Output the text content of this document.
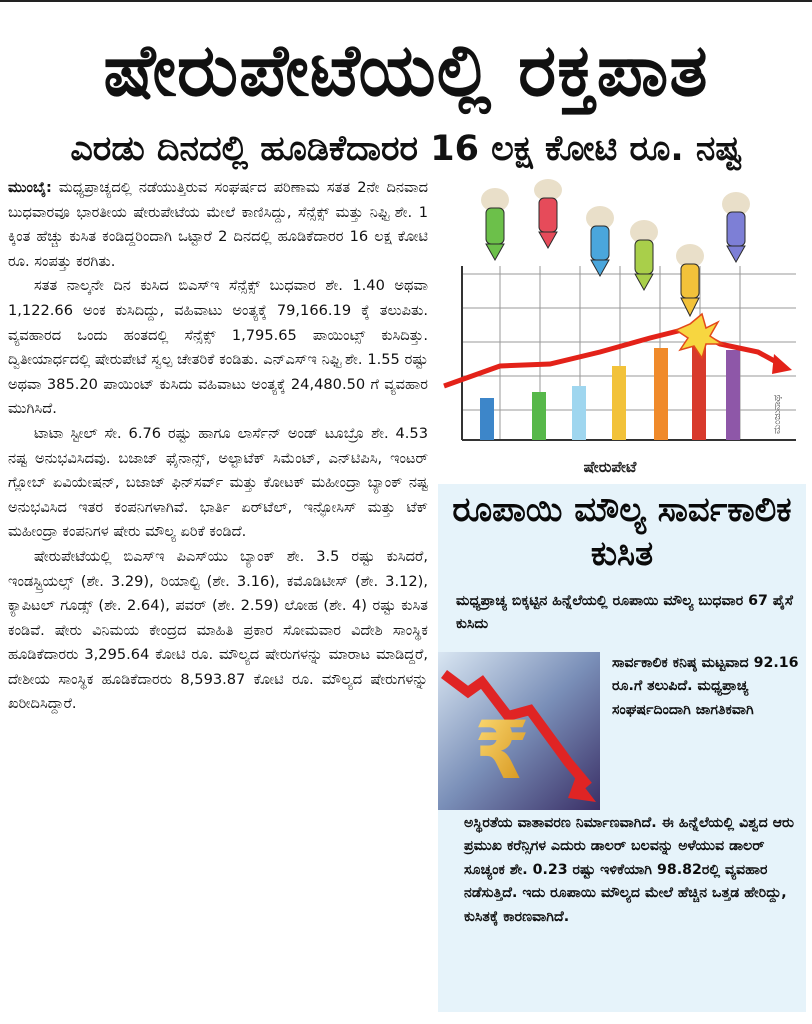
ಷೇರುಪೇಟೆಯಲ್ಲಿ ರಕ್ತಪಾತ
ಎರಡು ದಿನದಲ್ಲಿ ಹೂಡಿಕೆದಾರರ 16 ಲಕ್ಷ ಕೋಟಿ ರೂ. ನಷ್ಟ

ಮುಂಬೈ: ಮಧ್ಯಪ್ರಾಚ್ಯದಲ್ಲಿ ನಡೆಯುತ್ತಿರುವ ಸಂಘರ್ಷದ ಪರಿಣಾಮ ಸತತ 2ನೇ ದಿನವಾದ ಬುಧವಾರವೂ ಭಾರತೀಯ ಷೇರುಪೇಟೆಯ ಮೇಲೆ ಕಾಣಿಸಿದ್ದು, ಸೆನ್ಸೆಕ್ಸ್ ಮತ್ತು ನಿಫ್ಟಿ ಶೇ. 1 ಕ್ಕಿಂತ ಹೆಚ್ಚು ಕುಸಿತ ಕಂಡಿದ್ದರಿಂದಾಗಿ ಒಟ್ಟಾರೆ 2 ದಿನದಲ್ಲಿ ಹೂಡಿಕೆದಾರರ 16 ಲಕ್ಷ ಕೋಟಿ ರೂ. ಸಂಪತ್ತು ಕರಗಿತು.

ಸತತ ನಾಲ್ಕನೇ ದಿನ ಕುಸಿದ ಬಿಎಸ್‌ಇ ಸೆನ್ಸೆಕ್ಸ್ ಬುಧವಾರ ಶೇ. 1.40 ಅಥವಾ 1,122.66 ಅಂಕ ಕುಸಿದಿದ್ದು, ವಹಿವಾಟು ಅಂತ್ಯಕ್ಕೆ 79,166.19 ಕ್ಕೆ ತಲುಪಿತು. ವ್ಯವಹಾರದ ಒಂದು ಹಂತದಲ್ಲಿ ಸೆನ್ಸೆಕ್ಸ್ 1,795.65 ಪಾಯಿಂಟ್ಸ್ ಕುಸಿದಿತ್ತು. ದ್ವಿತೀಯಾರ್ಧದಲ್ಲಿ ಷೇರುಪೇಟೆ ಸ್ವಲ್ಪ ಚೇತರಿಕೆ ಕಂಡಿತು. ಎನ್‌ಎಸ್‌ಇ ನಿಫ್ಟಿ ಶೇ. 1.55 ರಷ್ಟು ಅಥವಾ 385.20 ಪಾಯಿಂಟ್ ಕುಸಿದು ವಹಿವಾಟು ಅಂತ್ಯಕ್ಕೆ 24,480.50 ಗೆ ವ್ಯವಹಾರ ಮುಗಿಸಿದೆ.

ಟಾಟಾ ಸ್ಟೀಲ್ ಸೇ. 6.76 ರಷ್ಟು ಹಾಗೂ ಲಾರ್ಸೆನ್ ಅಂಡ್ ಟೂಬ್ರೊ ಶೇ. 4.53 ನಷ್ಟ ಅನುಭವಿಸಿದವು. ಬಜಾಜ್ ಫೈನಾನ್ಸ್, ಅಲ್ಟಾಟೆಕ್ ಸಿಮೆಂಟ್, ಎನ್‌ಟಿಪಿಸಿ, ಇಂಟರ್ ಗ್ಲೋಬ್ ಏವಿಯೇಷನ್, ಬಜಾಜ್ ಫಿನ್‌ಸರ್ವ್ ಮತ್ತು ಕೋಟಕ್ ಮಹೀಂದ್ರಾ ಬ್ಯಾಂಕ್ ನಷ್ಟ ಅನುಭವಿಸಿದ ಇತರ ಕಂಪನಿಗಳಾಗಿವೆ. ಭಾರ್ತಿ ಏರ್‌ಟೆಲ್, ಇನ್ಫೋಸಿಸ್ ಮತ್ತು ಟೆಕ್ ಮಹೀಂದ್ರಾ ಕಂಪನಿಗಳ ಷೇರು ಮೌಲ್ಯ ಏರಿಕೆ ಕಂಡಿದೆ.

ಷೇರುಪೇಟೆಯಲ್ಲಿ ಬಿಎಸ್‌ಇ ಪಿಎಸ್‌ಯು ಬ್ಯಾಂಕ್ ಶೇ. 3.5 ರಷ್ಟು ಕುಸಿದರೆ, ಇಂಡಸ್ಟ್ರಿಯಲ್ಸ್ (ಶೇ. 3.29), ರಿಯಾಲ್ಟಿ (ಶೇ. 3.16), ಕಮೊಡಿಟೀಸ್ (ಶೇ. 3.12), ಕ್ಯಾಪಿಟಲ್ ಗೂಡ್ಸ್ (ಶೇ. 2.64), ಪವರ್ (ಶೇ. 2.59) ಲೋಹ (ಶೇ. 4) ರಷ್ಟು ಕುಸಿತ ಕಂಡಿವೆ. ಷೇರು ವಿನಿಮಯ ಕೇಂದ್ರದ ಮಾಹಿತಿ ಪ್ರಕಾರ ಸೋಮವಾರ ವಿದೇಶಿ ಸಾಂಸ್ಥಿಕ ಹೂಡಿಕೆದಾರರು 3,295.64 ಕೋಟಿ ರೂ. ಮೌಲ್ಯದ ಷೇರುಗಳನ್ನು ಮಾರಾಟ ಮಾಡಿದ್ದರೆ, ದೇಶೀಯ ಸಾಂಸ್ಥಿಕ ಹೂಡಿಕೆದಾರರು 8,593.87 ಕೋಟಿ ರೂ. ಮೌಲ್ಯದ ಷೇರುಗಳನ್ನು ಖರೀದಿಸಿದ್ದಾರೆ.

ಷೇರುಪೇಟೆ
ಮಂಜುನಾಥ
ರೂಪಾಯಿ ಮೌಲ್ಯ ಸಾರ್ವಕಾಲಿಕ ಕುಸಿತ
ಮಧ್ಯಪ್ರಾಚ್ಯ ಬಿಕ್ಕಟ್ಟಿನ ಹಿನ್ನೆಲೆಯಲ್ಲಿ ರೂಪಾಯಿ ಮೌಲ್ಯ ಬುಧವಾರ 67 ಪೈಸೆ ಕುಸಿದು
₹
ಸಾರ್ವಕಾಲಿಕ ಕನಿಷ್ಠ ಮಟ್ಟವಾದ 92.16 ರೂ.ಗೆ ತಲುಪಿದೆ. ಮಧ್ಯಪ್ರಾಚ್ಯ ಸಂಘರ್ಷದಿಂದಾಗಿ ಜಾಗತಿಕವಾಗಿ
ಅಸ್ಥಿರತೆಯ ವಾತಾವರಣ ನಿರ್ಮಾಣವಾಗಿದೆ. ಈ ಹಿನ್ನೆಲೆಯಲ್ಲಿ ವಿಶ್ವದ ಆರು ಪ್ರಮುಖ ಕರೆನ್ಸಿಗಳ ಎದುರು ಡಾಲರ್ ಬಲವನ್ನು ಅಳೆಯುವ ಡಾಲರ್ ಸೂಚ್ಯಂಕ ಶೇ. 0.23 ರಷ್ಟು ಇಳಿಕೆಯಾಗಿ 98.82ರಲ್ಲಿ ವ್ಯವಹಾರ ನಡೆಸುತ್ತಿದೆ. ಇದು ರೂಪಾಯಿ ಮೌಲ್ಯದ ಮೇಲೆ ಹೆಚ್ಚಿನ ಒತ್ತಡ ಹೇರಿದ್ದು, ಕುಸಿತಕ್ಕೆ ಕಾರಣವಾಗಿದೆ.
